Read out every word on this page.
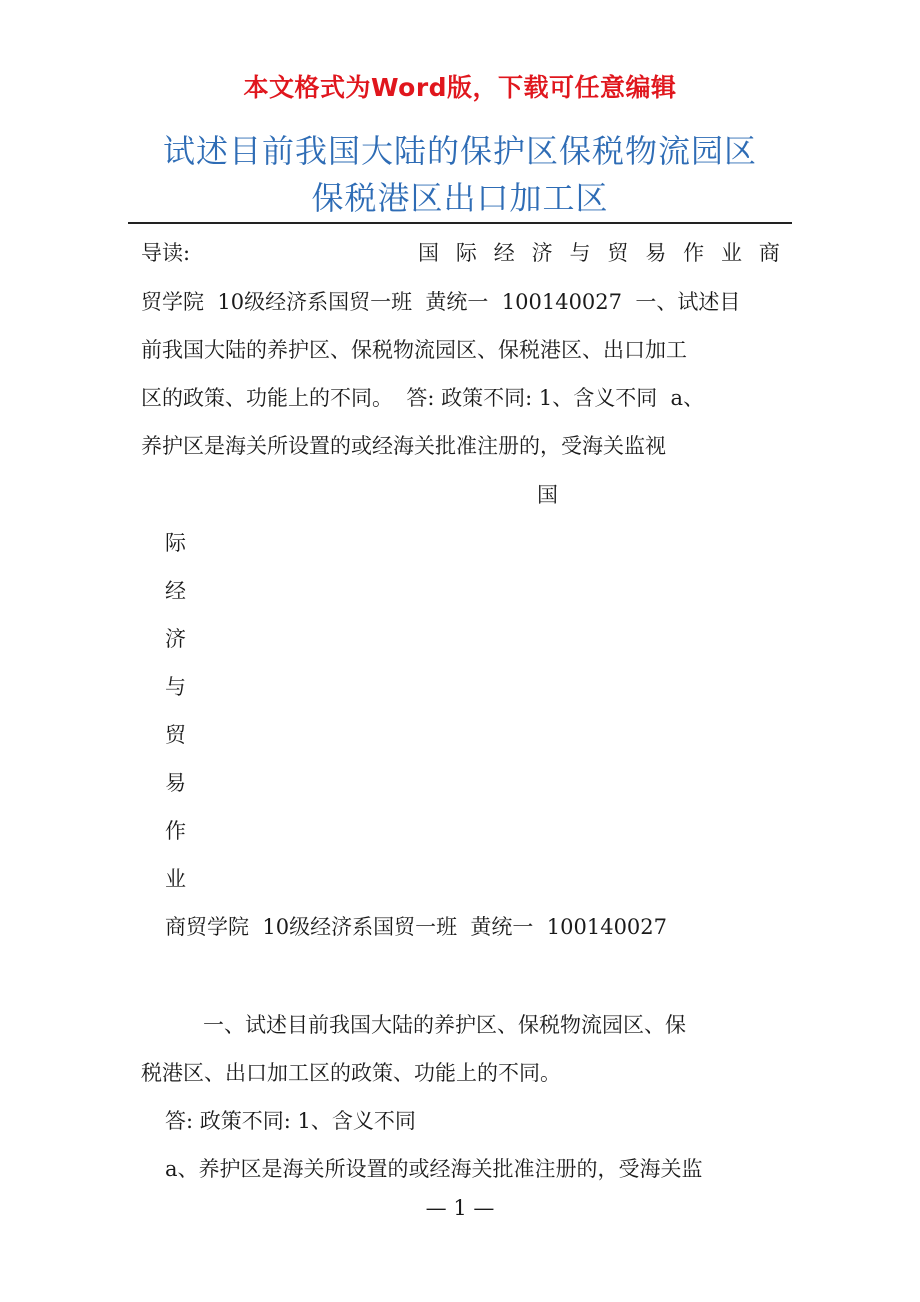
本文格式为Word版，下载可任意编辑
试述目前我国大陆的保护区保税物流园区
保税港区出口加工区
导读:	国 际 经 济 与 贸 易 作 业 商
贸学院  10级经济系国贸一班  黄统一  100140027  一、试述目
前我国大陆的养护区、保税物流园区、保税港区、出口加工
区的政策、功能上的不同。  答: 政策不同: 1、含义不同  a、
养护区是海关所设置的或经海关批准注册的，受海关监视
国
际
经
济
与
贸
易
作
业
商贸学院  10级经济系国贸一班  黄统一  100140027
一、试述目前我国大陆的养护区、保税物流园区、保
税港区、出口加工区的政策、功能上的不同。
答: 政策不同: 1、含义不同
a、养护区是海关所设置的或经海关批准注册的，受海关监
— 1 —
